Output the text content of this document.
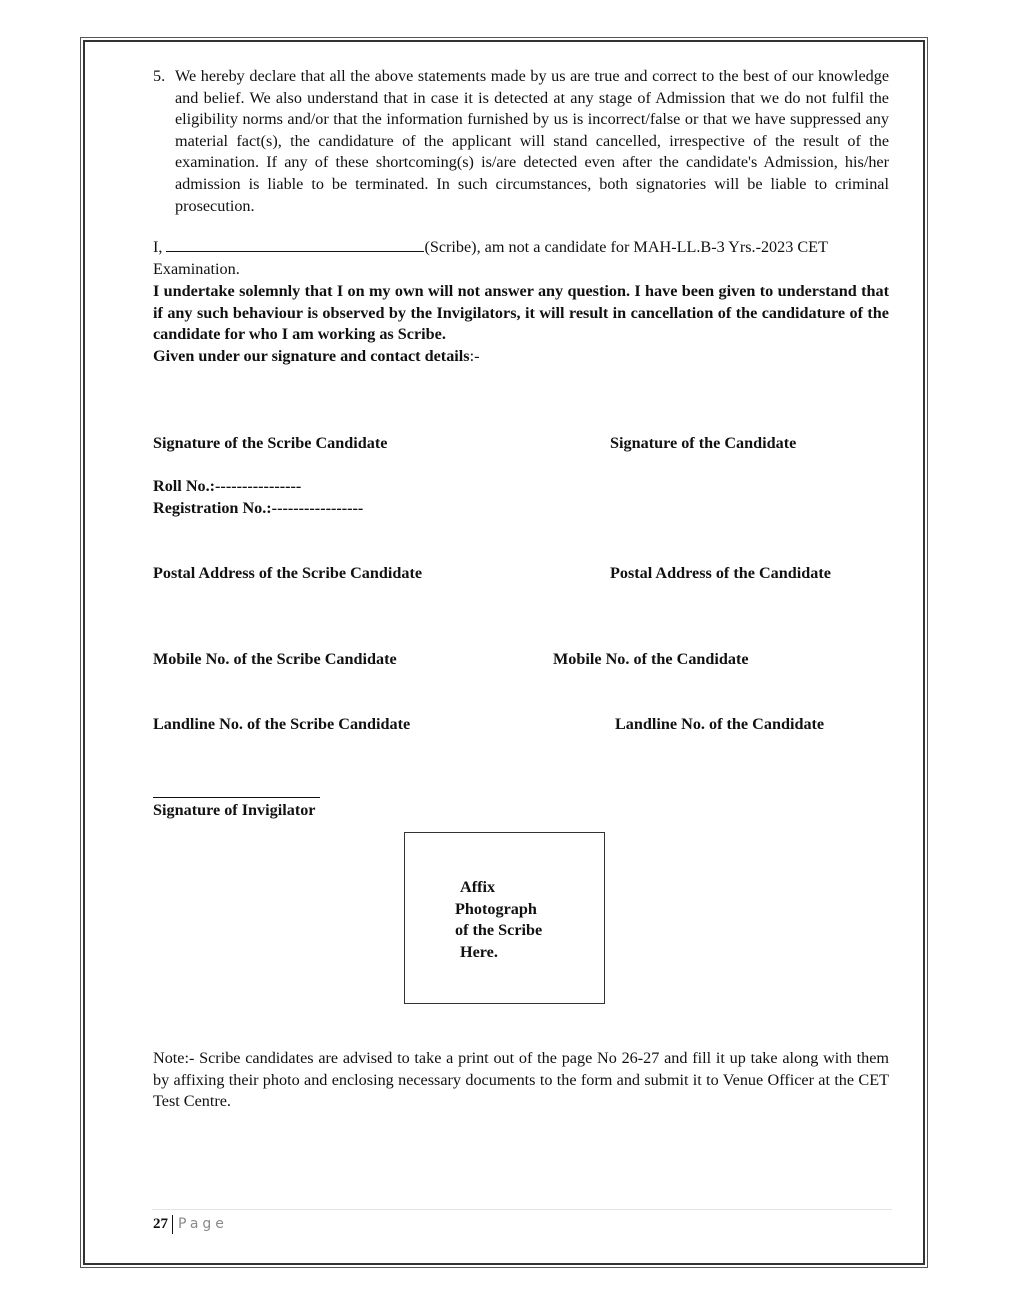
5. We hereby declare that all the above statements made by us are true and correct to the best of our knowledge and belief. We also understand that in case it is detected at any stage of Admission that we do not fulfil the eligibility norms and/or that the information furnished by us is incorrect/false or that we have suppressed any material fact(s), the candidature of the applicant will stand cancelled, irrespective of the result of the examination. If any of these shortcoming(s) is/are detected even after the candidate's Admission, his/her admission is liable to be terminated. In such circumstances, both signatories will be liable to criminal prosecution.
I,	(Scribe), am not a candidate for MAH-LL.B-3 Yrs.-2023 CET Examination.
I undertake solemnly that I on my own will not answer any question. I have been given to understand that if any such behaviour is observed by the Invigilators, it will result in cancellation of the candidature of the candidate for who I am working as Scribe.
Given under our signature and contact details:-
Signature of the Scribe Candidate	Signature of the Candidate
Roll No.:----------------
Registration No.:-----------------
Postal Address of the Scribe Candidate	Postal Address of the Candidate
Mobile No. of the Scribe Candidate	Mobile No. of the Candidate
Landline No. of the Scribe Candidate	Landline No. of the Candidate
Signature of Invigilator
Affix
Photograph
of the Scribe
Here.
Note:- Scribe candidates are advised to take a print out of the page No 26-27 and fill it up take along with them by affixing their photo and enclosing necessary documents to the form and submit it to Venue Officer at the CET Test Centre.
27 Page
